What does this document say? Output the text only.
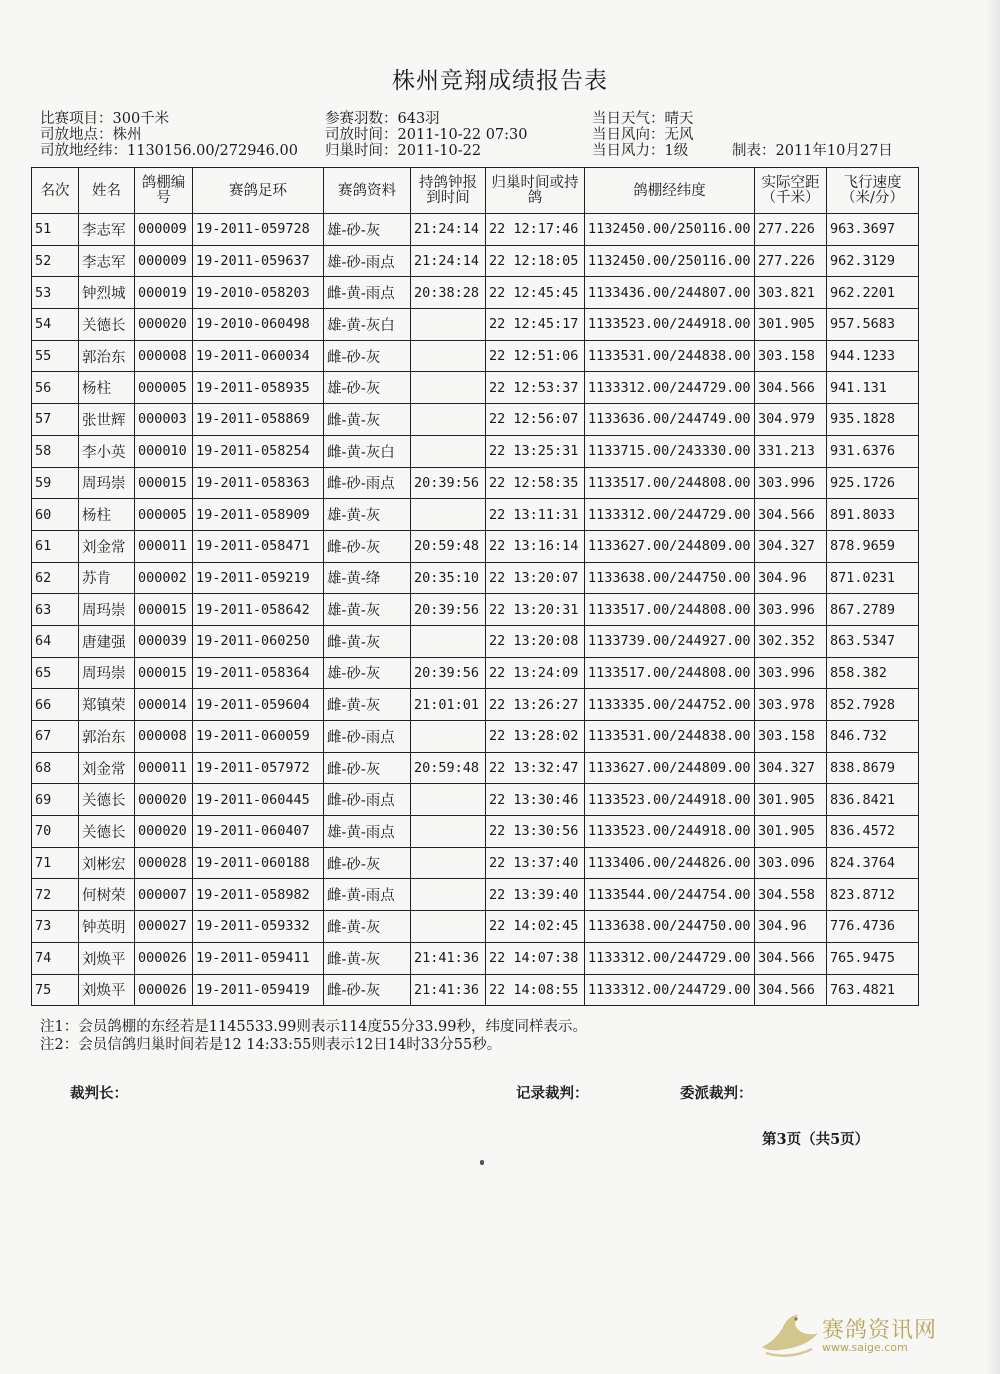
株州竞翔成绩报告表
比赛项目：300千米	参赛羽数：643羽	当日天气：晴天
司放地点：株州	司放时间：2011-10-22 07:30	当日风向：无风
司放地经纬：1130156.00/272946.00 归巢时间：2011-10-22	当日风力：1级	制表：2011年10月27日
名次	姓名	鸽棚编号	赛鸽足环	赛鸽资料	持鸽钟报到时间	归巢时间或持鸽	鸽棚经纬度	实际空距（千米）	飞行速度（米/分）
51	李志军	000009	19-2011-059728	雄-砂-灰	21:24:14	22 12:17:46	1132450.00/250116.00	277.226	963.3697
52	李志军	000009	19-2011-059637	雄-砂-雨点	21:24:14	22 12:18:05	1132450.00/250116.00	277.226	962.3129
53	钟烈城	000019	19-2010-058203	雌-黄-雨点	20:38:28	22 12:45:45	1133436.00/244807.00	303.821	962.2201
54	关德长	000020	19-2010-060498	雄-黄-灰白		22 12:45:17	1133523.00/244918.00	301.905	957.5683
55	郭治东	000008	19-2011-060034	雌-砂-灰		22 12:51:06	1133531.00/244838.00	303.158	944.1233
56	杨柱	000005	19-2011-058935	雄-砂-灰		22 12:53:37	1133312.00/244729.00	304.566	941.131
57	张世辉	000003	19-2011-058869	雌-黄-灰		22 12:56:07	1133636.00/244749.00	304.979	935.1828
58	李小英	000010	19-2011-058254	雌-黄-灰白		22 13:25:31	1133715.00/243330.00	331.213	931.6376
59	周玛崇	000015	19-2011-058363	雌-砂-雨点	20:39:56	22 12:58:35	1133517.00/244808.00	303.996	925.1726
60	杨柱	000005	19-2011-058909	雄-黄-灰		22 13:11:31	1133312.00/244729.00	304.566	891.8033
61	刘金常	000011	19-2011-058471	雌-砂-灰	20:59:48	22 13:16:14	1133627.00/244809.00	304.327	878.9659
62	苏肯	000002	19-2011-059219	雄-黄-绛	20:35:10	22 13:20:07	1133638.00/244750.00	304.96	871.0231
63	周玛崇	000015	19-2011-058642	雄-黄-灰	20:39:56	22 13:20:31	1133517.00/244808.00	303.996	867.2789
64	唐建强	000039	19-2011-060250	雌-黄-灰		22 13:20:08	1133739.00/244927.00	302.352	863.5347
65	周玛崇	000015	19-2011-058364	雄-砂-灰	20:39:56	22 13:24:09	1133517.00/244808.00	303.996	858.382
66	郑镇荣	000014	19-2011-059604	雌-黄-灰	21:01:01	22 13:26:27	1133335.00/244752.00	303.978	852.7928
67	郭治东	000008	19-2011-060059	雌-砂-雨点		22 13:28:02	1133531.00/244838.00	303.158	846.732
68	刘金常	000011	19-2011-057972	雌-砂-灰	20:59:48	22 13:32:47	1133627.00/244809.00	304.327	838.8679
69	关德长	000020	19-2011-060445	雌-砂-雨点		22 13:30:46	1133523.00/244918.00	301.905	836.8421
70	关德长	000020	19-2011-060407	雄-黄-雨点		22 13:30:56	1133523.00/244918.00	301.905	836.4572
71	刘彬宏	000028	19-2011-060188	雌-砂-灰		22 13:37:40	1133406.00/244826.00	303.096	824.3764
72	何树荣	000007	19-2011-058982	雌-黄-雨点		22 13:39:40	1133544.00/244754.00	304.558	823.8712
73	钟英明	000027	19-2011-059332	雌-黄-灰		22 14:02:45	1133638.00/244750.00	304.96	776.4736
74	刘焕平	000026	19-2011-059411	雌-黄-灰	21:41:36	22 14:07:38	1133312.00/244729.00	304.566	765.9475
75	刘焕平	000026	19-2011-059419	雌-砂-灰	21:41:36	22 14:08:55	1133312.00/244729.00	304.566	763.4821
注1：会员鸽棚的东经若是1145533.99则表示114度55分33.99秒，纬度同样表示。
注2：会员信鸽归巢时间若是12 14:33:55则表示12日14时33分55秒。
裁判长：	记录裁判：	委派裁判：
第3页（共5页）
赛鸽资讯网
www.saige.com
